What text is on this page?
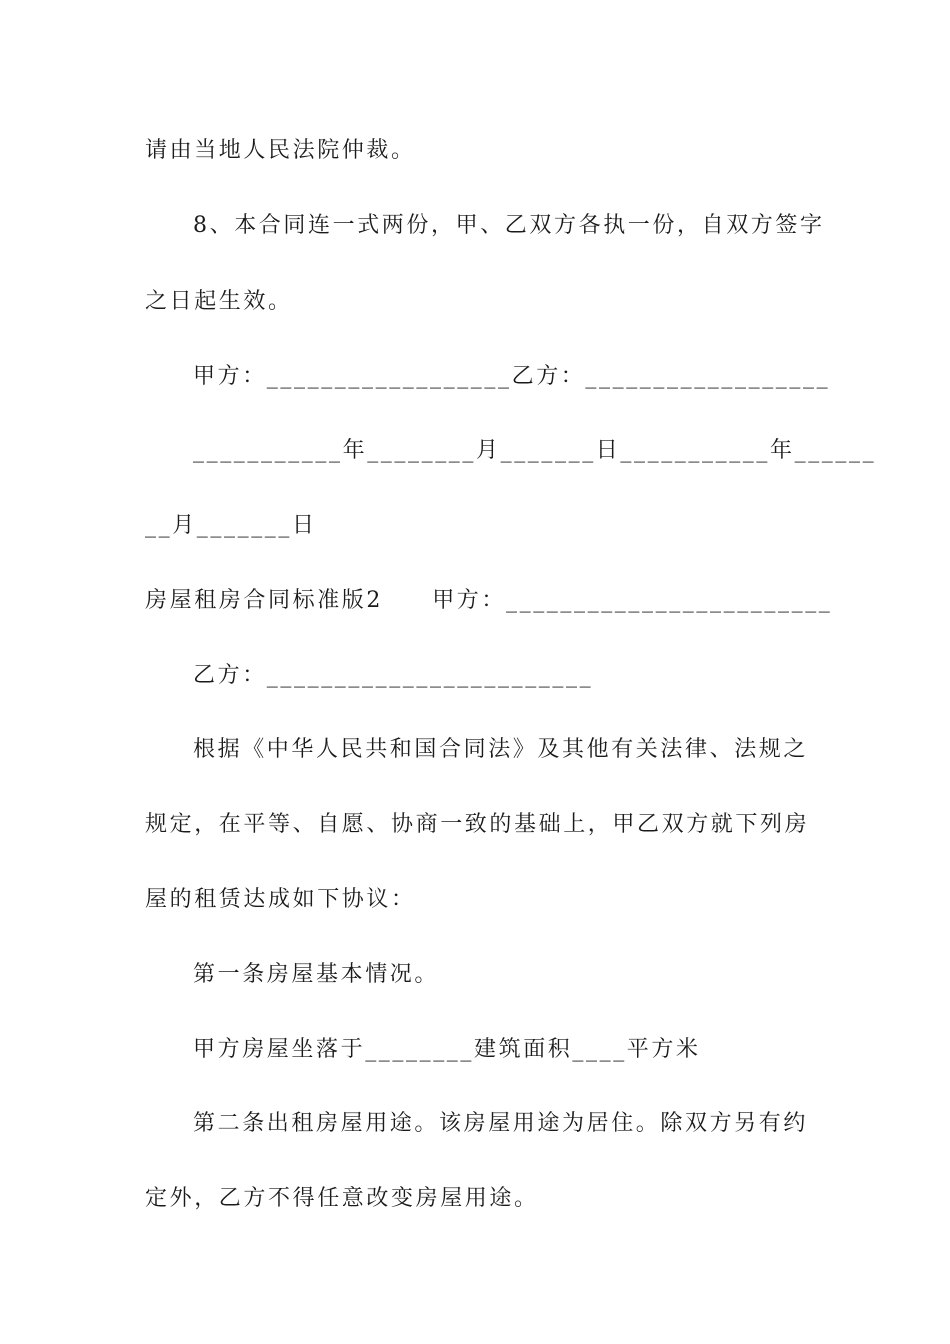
请由当地人民法院仲裁。
8、本合同连一式两份，甲、乙双方各执一份，自双方签字
之日起生效。
甲方：__________________乙方：__________________
___________年________月_______日___________年______
__月_______日
房屋租房合同标准版2　　甲方：________________________
乙方：________________________
根据《中华人民共和国合同法》及其他有关法律、法规之
规定，在平等、自愿、协商一致的基础上，甲乙双方就下列房
屋的租赁达成如下协议：
第一条房屋基本情况。
甲方房屋坐落于________建筑面积____平方米
第二条出租房屋用途。该房屋用途为居住。除双方另有约
定外，乙方不得任意改变房屋用途。
